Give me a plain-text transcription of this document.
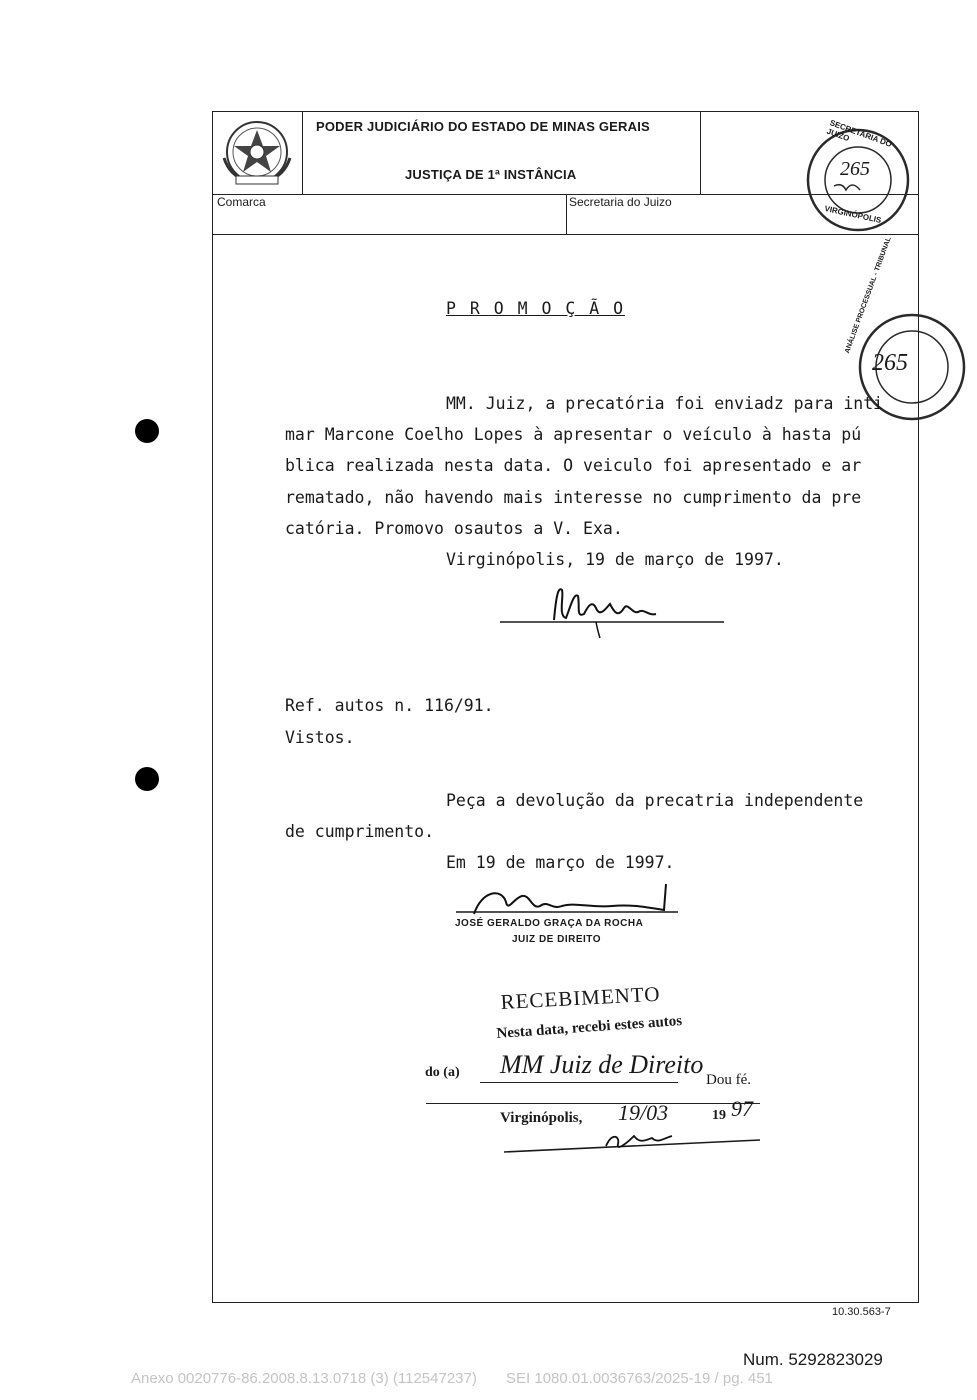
PODER JUDICIÁRIO DO ESTADO DE MINAS GERAIS
JUSTIÇA DE 1ª INSTÂNCIA
Comarca	Secretaria do Juizo
SECRETARIA DO JUIZO
VIRGINÓPOLIS
265
ANÁLISE PROCESSUAL - TRIBUNAL
265
P R O M O Ç Ã O
MM. Juiz, a precatória foi enviadz para inti
mar Marcone Coelho Lopes à apresentar o veículo à hasta pú
blica realizada nesta data. O veiculo foi apresentado e ar
rematado, não havendo mais interesse no cumprimento da pre
catória. Promovo osautos a V. Exa.
Virginópolis, 19 de março de 1997.
Ref. autos n. 116/91.
Vistos.
Peça a devolução da precatria independente
de cumprimento.
Em 19 de março de 1997.
JOSÉ GERALDO GRAÇA DA ROCHA
JUIZ DE DIREITO
RECEBIMENTO
Nesta data, recebi estes autos
do (a) MM Juiz de Direito
Dou fé.
Virginópolis, 19/03	19 97
10.30.563-7
Num. 5292823029
Anexo 0020776-86.2008.8.13.0718 (3) (112547237)       SEI 1080.01.0036763/2025-19 / pg. 451
